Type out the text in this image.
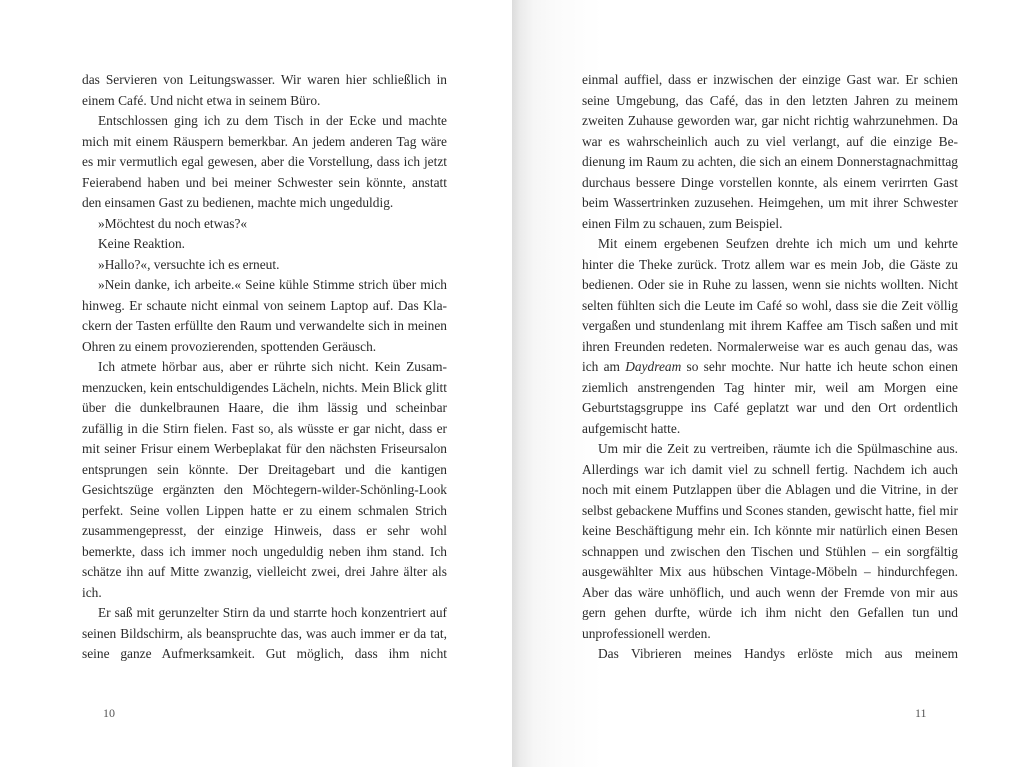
das Servieren von Leitungswasser. Wir waren hier schließlich in einem Café. Und nicht etwa in seinem Büro.

Entschlossen ging ich zu dem Tisch in der Ecke und machte mich mit einem Räuspern bemerkbar. An jedem anderen Tag wäre es mir vermutlich egal gewesen, aber die Vorstellung, dass ich jetzt Feierabend haben und bei meiner Schwester sein könnte, anstatt den einsamen Gast zu bedienen, machte mich ungeduldig.

»Möchtest du noch etwas?«

Keine Reaktion.

»Hallo?«, versuchte ich es erneut.

»Nein danke, ich arbeite.« Seine kühle Stimme strich über mich hinweg. Er schaute nicht einmal von seinem Laptop auf. Das Klackern der Tasten erfüllte den Raum und verwandelte sich in meinen Ohren zu einem provozierenden, spottenden Geräusch.

Ich atmete hörbar aus, aber er rührte sich nicht. Kein Zusammenzucken, kein entschuldigendes Lächeln, nichts. Mein Blick glitt über die dunkelbraunen Haare, die ihm lässig und scheinbar zufällig in die Stirn fielen. Fast so, als wüsste er gar nicht, dass er mit seiner Frisur einem Werbeplakat für den nächsten Friseursalon entsprungen sein könnte. Der Dreitagebart und die kantigen Gesichtszüge ergänzten den Möchtegern-wilder-Schönling-Look perfekt. Seine vollen Lippen hatte er zu einem schmalen Strich zusammengepresst, der einzige Hinweis, dass er sehr wohl bemerkte, dass ich immer noch ungeduldig neben ihm stand. Ich schätze ihn auf Mitte zwanzig, vielleicht zwei, drei Jahre älter als ich.

Er saß mit gerunzelter Stirn da und starrte hoch konzentriert auf seinen Bildschirm, als beanspruchte das, was auch immer er da tat, seine ganze Aufmerksamkeit. Gut möglich, dass ihm nicht

10

einmal auffiel, dass er inzwischen der einzige Gast war. Er schien seine Umgebung, das Café, das in den letzten Jahren zu meinem zweiten Zuhause geworden war, gar nicht richtig wahrzunehmen. Da war es wahrscheinlich auch zu viel verlangt, auf die einzige Bedienung im Raum zu achten, die sich an einem Donnerstagnachmittag durchaus bessere Dinge vorstellen konnte, als einem verirrten Gast beim Wassertrinken zuzusehen. Heimgehen, um mit ihrer Schwester einen Film zu schauen, zum Beispiel.

Mit einem ergebenen Seufzen drehte ich mich um und kehrte hinter die Theke zurück. Trotz allem war es mein Job, die Gäste zu bedienen. Oder sie in Ruhe zu lassen, wenn sie nichts wollten. Nicht selten fühlten sich die Leute im Café so wohl, dass sie die Zeit völlig vergaßen und stundenlang mit ihrem Kaffee am Tisch saßen und mit ihren Freunden redeten. Normalerweise war es auch genau das, was ich am Daydream so sehr mochte. Nur hatte ich heute schon einen ziemlich anstrengenden Tag hinter mir, weil am Morgen eine Geburtstagsgruppe ins Café geplatzt war und den Ort ordentlich aufgemischt hatte.

Um mir die Zeit zu vertreiben, räumte ich die Spülmaschine aus. Allerdings war ich damit viel zu schnell fertig. Nachdem ich auch noch mit einem Putzlappen über die Ablagen und die Vitrine, in der selbst gebackene Muffins und Scones standen, gewischt hatte, fiel mir keine Beschäftigung mehr ein. Ich könnte mir natürlich einen Besen schnappen und zwischen den Tischen und Stühlen – ein sorgfältig ausgewählter Mix aus hübschen Vintage-Möbeln – hindurchfegen. Aber das wäre unhöflich, und auch wenn der Fremde von mir aus gern gehen durfte, würde ich ihm nicht den Gefallen tun und unprofessionell werden.

Das Vibrieren meines Handys erlöste mich aus meinem

11
